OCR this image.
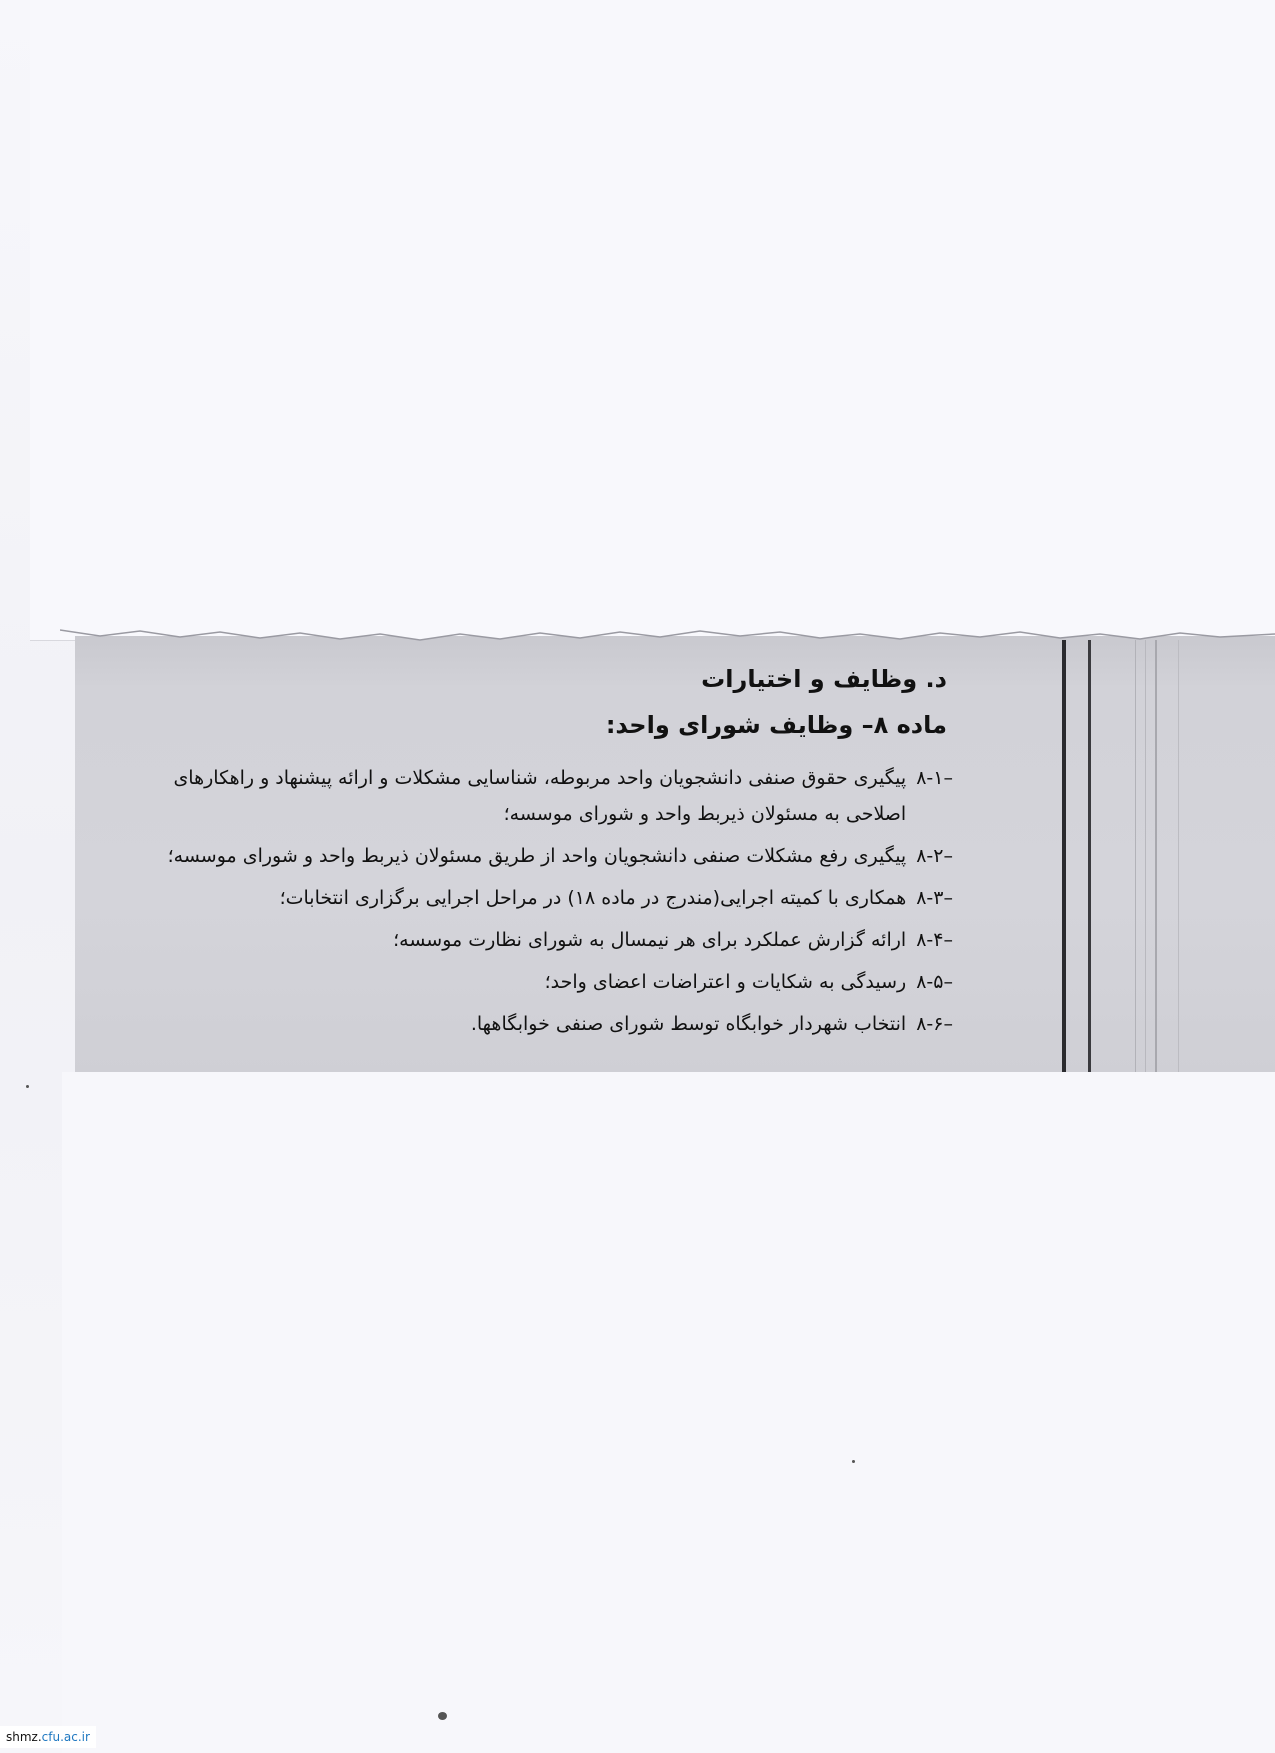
د. وظایف و اختیارات
ماده ۸– وظایف شورای واحد:
۸-۱–
پیگیری حقوق صنفی دانشجویان واحد مربوطه، شناسایی مشکلات و ارائه پیشنهاد و راهکارهای اصلاحی به مسئولان ذیربط واحد و شورای موسسه؛
۸-۲–
پیگیری رفع مشکلات صنفی دانشجویان واحد از طریق مسئولان ذیربط واحد و شورای موسسه؛
۸-۳–
همکاری با کمیته اجرایی(مندرج در ماده ۱۸) در مراحل اجرایی برگزاری انتخابات؛
۸-۴–
ارائه گزارش عملکرد برای هر نیمسال به شورای نظارت موسسه؛
۸-۵–
رسیدگی به شکایات و اعتراضات اعضای واحد؛
۸-۶–
انتخاب شهردار خوابگاه توسط شورای صنفی خوابگاهها.
shmz.cfu.ac.ir
